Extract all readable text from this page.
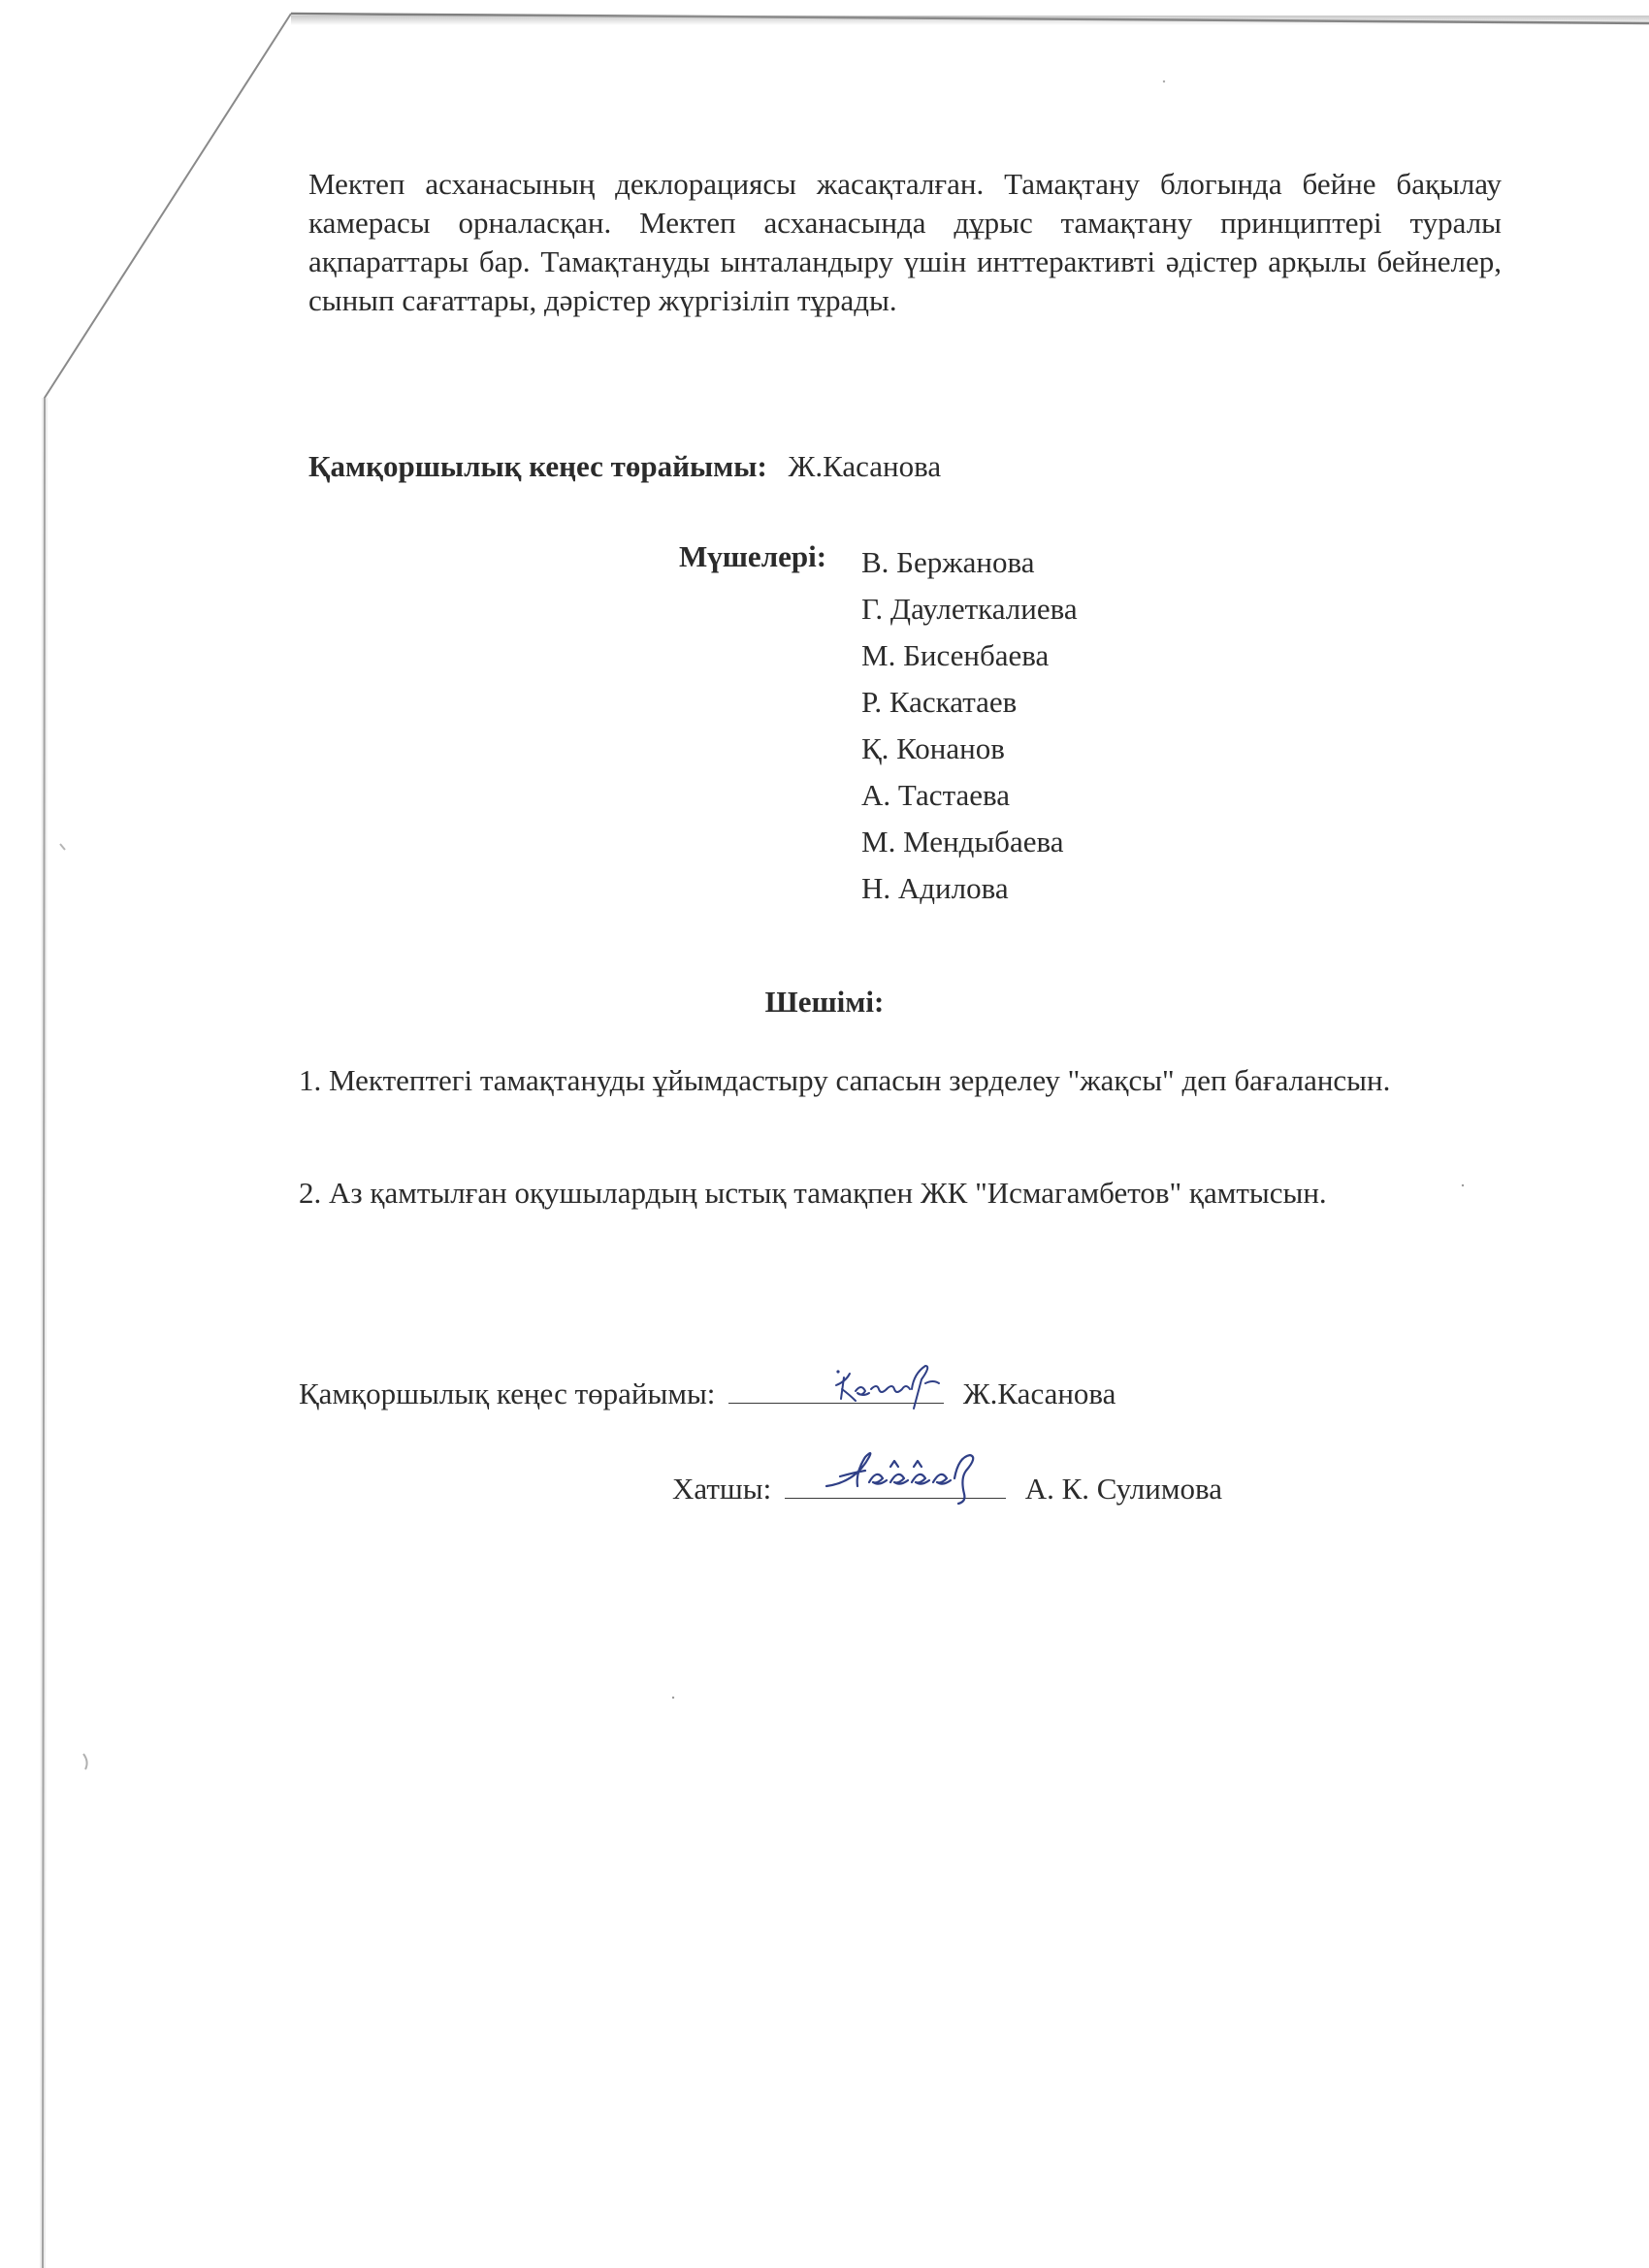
Мектеп асханасының деклорациясы жасақталған. Тамақтану блогында бейне бақылау камерасы орналасқан. Мектеп асханасында дұрыс тамақтану принциптері туралы ақпараттары бар. Тамақтануды ынталандыру үшін инттерактивті әдістер арқылы бейнелер, сынып сағаттары, дәрістер жүргізіліп тұрады.

Қамқоршылық кеңес төрайымы: Ж.Касанова
Мүшелері: В. Бержанова
Г. Даулеткалиева
М. Бисенбаева
Р. Каскатаев
Қ. Конанов
А. Тастаева
М. Мендыбаева
Н. Адилова
Шешімі:

1. Мектептегі тамақтануды ұйымдастыру сапасын зерделеу "жақсы" деп бағалансын.

2. Аз қамтылған оқушылардың ыстық тамақпен ЖК "Исмагамбетов" қамтысын.

Қамқоршылық кеңес төрайымы:	Ж.Касанова
Хатшы:	А. К. Сулимова
